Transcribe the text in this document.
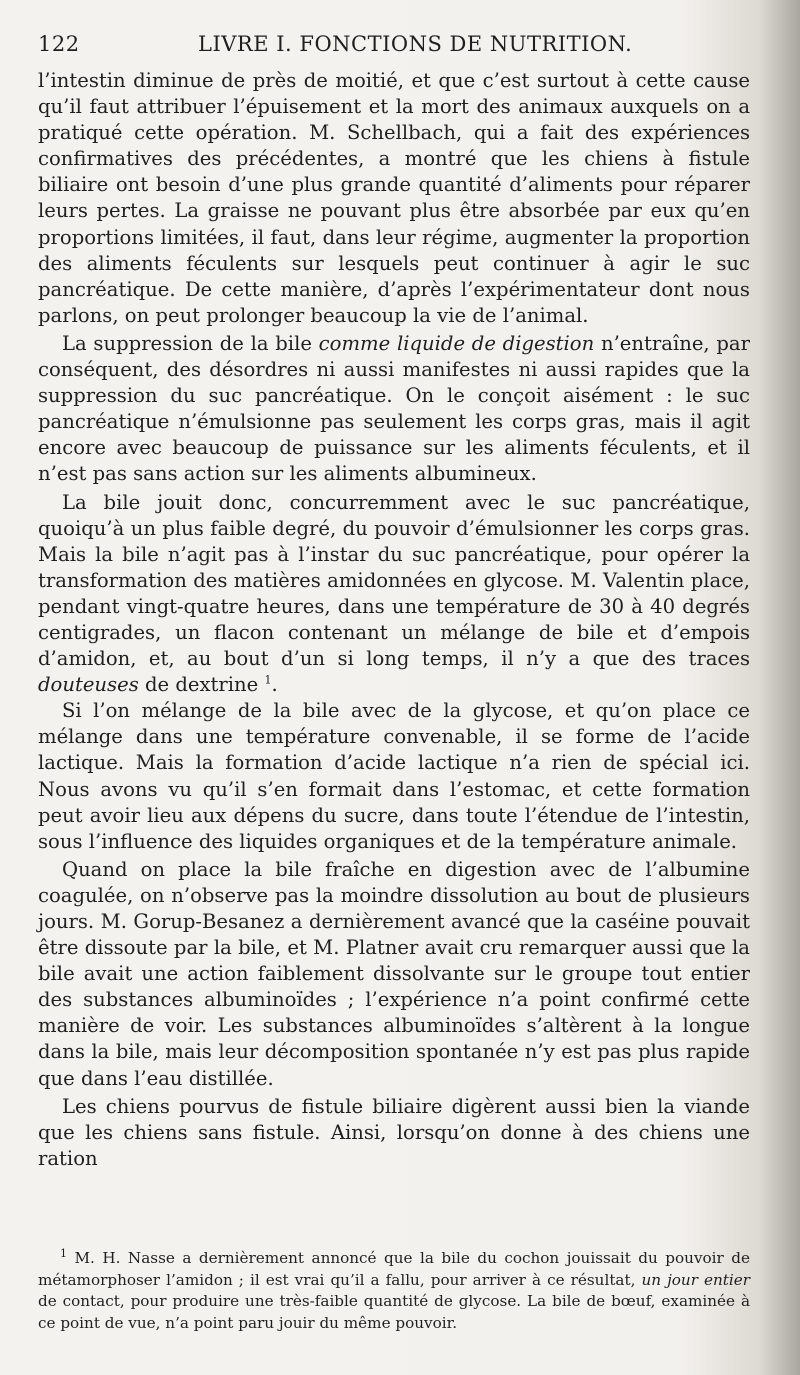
122	LIVRE I. FONCTIONS DE NUTRITION.

l’intestin diminue de près de moitié, et que c’est surtout à cette cause qu’il faut attribuer l’épuisement et la mort des animaux auxquels on a pratiqué cette opération. M. Schellbach, qui a fait des expériences confirmatives des précédentes, a montré que les chiens à fistule biliaire ont besoin d’une plus grande quantité d’aliments pour réparer leurs pertes. La graisse ne pouvant plus être absorbée par eux qu’en proportions limitées, il faut, dans leur régime, augmenter la proportion des aliments féculents sur lesquels peut continuer à agir le suc pancréatique. De cette manière, d’après l’expérimentateur dont nous parlons, on peut prolonger beaucoup la vie de l’animal.

La suppression de la bile comme liquide de digestion n’entraîne, par conséquent, des désordres ni aussi manifestes ni aussi rapides que la suppression du suc pancréatique. On le conçoit aisément : le suc pancréatique n’émulsionne pas seulement les corps gras, mais il agit encore avec beaucoup de puissance sur les aliments féculents, et il n’est pas sans action sur les aliments albumineux.

La bile jouit donc, concurremment avec le suc pancréatique, quoiqu’à un plus faible degré, du pouvoir d’émulsionner les corps gras. Mais la bile n’agit pas à l’instar du suc pancréatique, pour opérer la transformation des matières amidonnées en glycose. M. Valentin place, pendant vingt-quatre heures, dans une température de 30 à 40 degrés centigrades, un flacon contenant un mélange de bile et d’empois d’amidon, et, au bout d’un si long temps, il n’y a que des traces douteuses de dextrine $^1$.

Si l’on mélange de la bile avec de la glycose, et qu’on place ce mélange dans une température convenable, il se forme de l’acide lactique. Mais la formation d’acide lactique n’a rien de spécial ici. Nous avons vu qu’il s’en formait dans l’estomac, et cette formation peut avoir lieu aux dépens du sucre, dans toute l’étendue de l’intestin, sous l’influence des liquides organiques et de la température animale.

Quand on place la bile fraîche en digestion avec de l’albumine coagulée, on n’observe pas la moindre dissolution au bout de plusieurs jours. M. Gorup-Besanez a dernièrement avancé que la caséine pouvait être dissoute par la bile, et M. Platner avait cru remarquer aussi que la bile avait une action faiblement dissolvante sur le groupe tout entier des substances albuminoïdes ; l’expérience n’a point confirmé cette manière de voir. Les substances albuminoïdes s’altèrent à la longue dans la bile, mais leur décomposition spontanée n’y est pas plus rapide que dans l’eau distillée.

Les chiens pourvus de fistule biliaire digèrent aussi bien la viande que les chiens sans fistule. Ainsi, lorsqu’on donne à des chiens une ration

$^1$ M. H. Nasse a dernièrement annoncé que la bile du cochon jouissait du pouvoir de métamorphoser l’amidon ; il est vrai qu’il a fallu, pour arriver à ce résultat, un jour entier de contact, pour produire une très-faible quantité de glycose. La bile de bœuf, examinée à ce point de vue, n’a point paru jouir du même pouvoir.
